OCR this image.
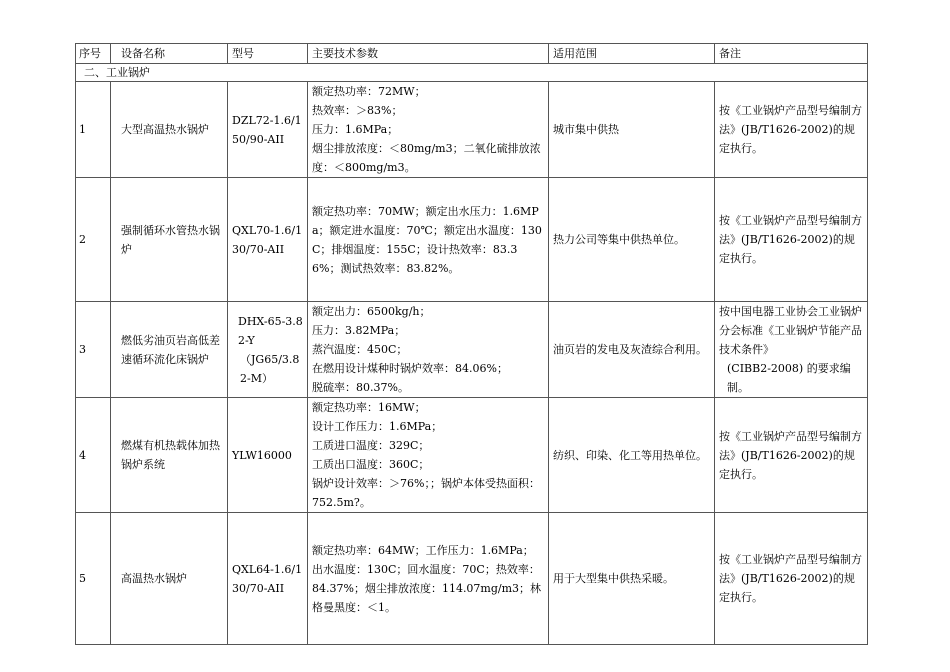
序号	设备名称	型号	主要技术参数	适用范围	备注
二、工业锅炉					
1	大型高温热水锅炉	DZL72-1.6/150/90-AII	额定热功率：72MW；
热效率：＞83%；
压力：1.6MPa；
烟尘排放浓度：＜80mg/m3；二氧化硫排放浓度：＜800mg/m3。	城市集中供热	按《工业锅炉产品型号编制方法》(JB/T1626-2002)的规定执行。
2	强制循环水管热水锅炉	QXL70-1.6/130/70-AII	额定热功率：70MW；额定出水压力：1.6MPa；额定进水温度：70℃；额定出水温度：130C；排烟温度：155C；设计热效率：83.36%；测试热效率：83.82%。	热力公司等集中供热单位。	按《工业锅炉产品型号编制方法》(JB/T1626-2002)的规定执行。
3	燃低劣油页岩高低差速循环流化床锅炉	DHX-65-3.82-Y
（JG65/3.82-M）	额定出力：6500kg/h；
压力：3.82MPa；
蒸汽温度：450C；
在燃用设计煤种时锅炉效率：84.06%；
脱硫率：80.37%。	油页岩的发电及灰渣综合利用。	按中国电器工业协会工业锅炉分会标准《工业锅炉节能产品技术条件》
(CIBB2-2008) 的要求编制。

4	燃煤有机热载体加热锅炉系统	YLW16000	额定热功率：16MW；
设计工作压力：1.6MPa；
工质进口温度：329C；
工质出口温度：360C；
锅炉设计效率：＞76%；；锅炉本体受热面积：752.5m?。	纺织、印染、化工等用热单位。	按《工业锅炉产品型号编制方法》(JB/T1626-2002)的规定执行。
5	高温热水锅炉	QXL64-1.6/130/70-AII	额定热功率：64MW；工作压力：1.6MPa；出水温度：130C；回水温度：70C；热效率：84.37%；烟尘排放浓度：114.07mg/m3；林格曼黑度：＜1。	用于大型集中供热采暖。	按《工业锅炉产品型号编制方法》(JB/T1626-2002)的规定执行。
